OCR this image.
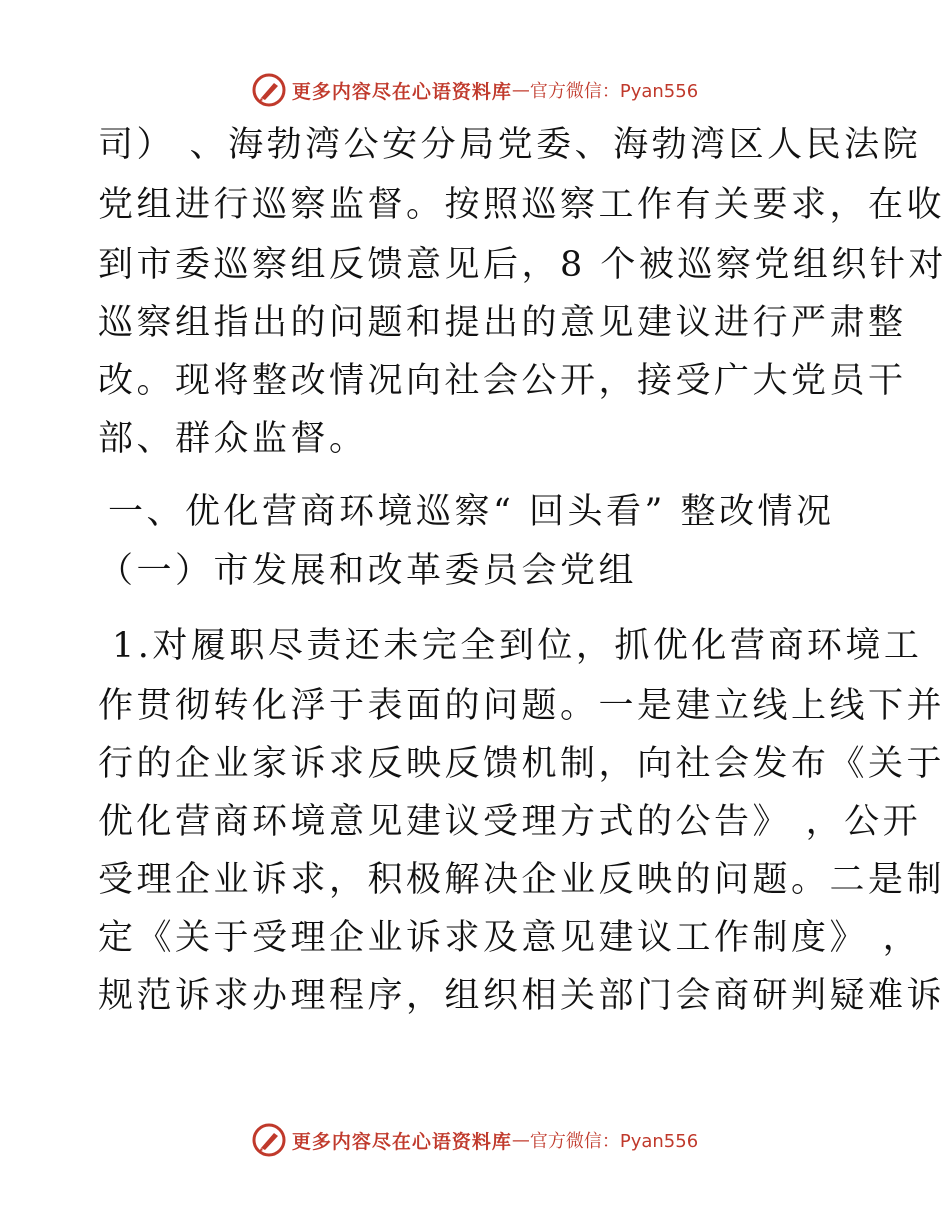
更多内容尽在心语资料库 — 官方微信：Pyan556
司） 、海勃湾公安分局党委、海勃湾区人民法院
党组进行巡察监督。按照巡察工作有关要求，在收
到市委巡察组反馈意见后，8 个被巡察党组织针对
巡察组指出的问题和提出的意见建议进行严肃整
改。现将整改情况向社会公开，接受广大党员干
部、群众监督。
一、优化营商环境巡察“ 回头看” 整改情况
（一）市发展和改革委员会党组
1.对履职尽责还未完全到位，抓优化营商环境工
作贯彻转化浮于表面的问题。一是建立线上线下并
行的企业家诉求反映反馈机制，向社会发布《关于
优化营商环境意见建议受理方式的公告》 ，公开
受理企业诉求，积极解决企业反映的问题。二是制
定《关于受理企业诉求及意见建议工作制度》 ，
规范诉求办理程序，组织相关部门会商研判疑难诉
更多内容尽在心语资料库 — 官方微信：Pyan556
